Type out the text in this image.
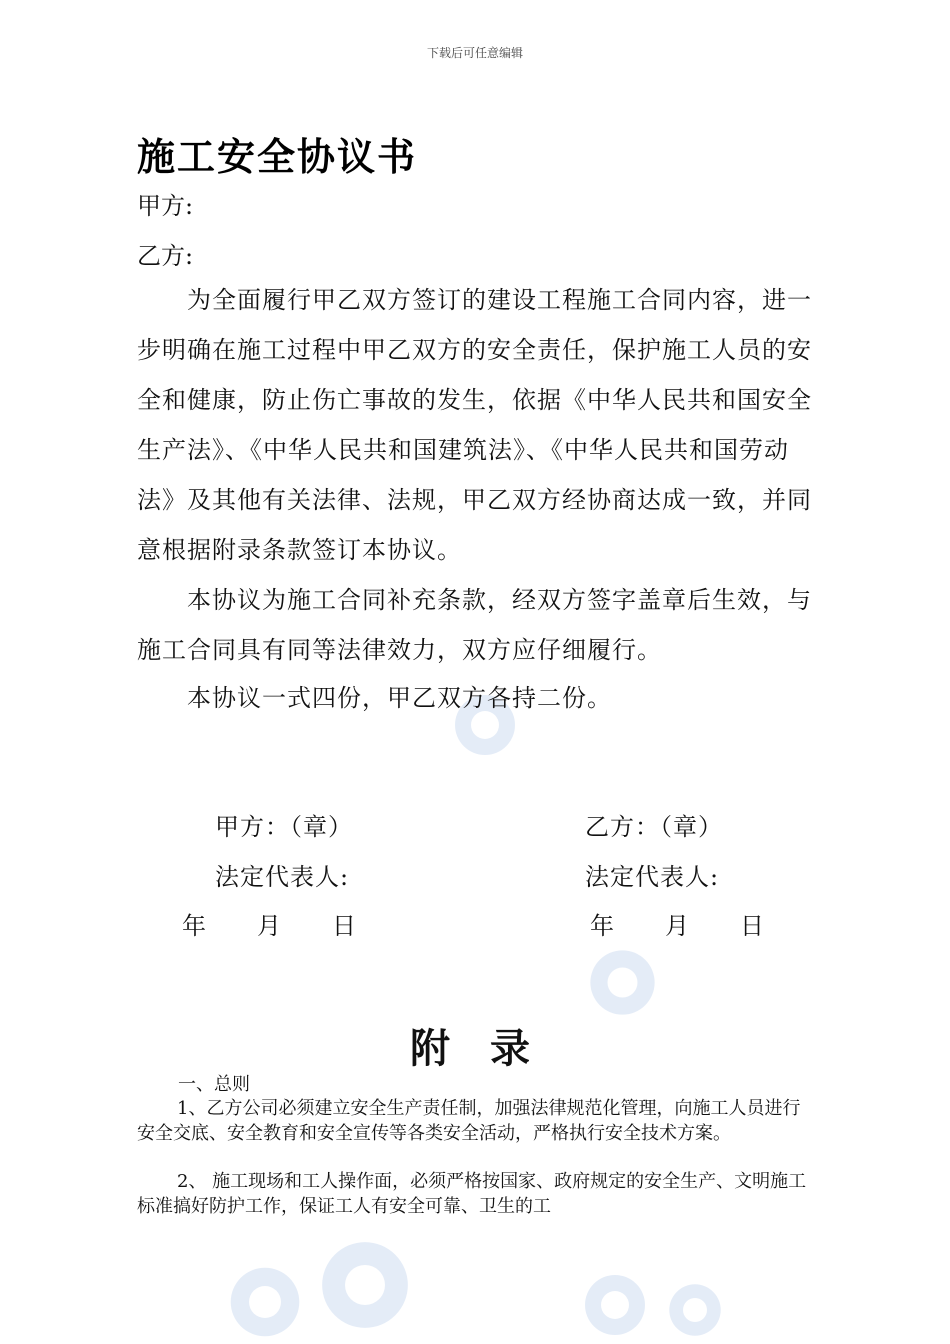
下载后可任意编辑
施工安全协议书
甲方:
乙方:
为全面履行甲乙双方签订的建设工程施工合同内容，进一步明确在施工过程中甲乙双方的安全责任，保护施工人员的安全和健康，防止伤亡事故的发生，依据《中华人民共和国安全生产法》、《中华人民共和国建筑法》、《中华人民共和国劳动法》及其他有关法律、法规，甲乙双方经协商达成一致，并同意根据附录条款签订本协议。
本协议为施工合同补充条款，经双方签字盖章后生效，与施工合同具有同等法律效力，双方应仔细履行。
本协议一式四份，甲乙双方各持二份。
甲方：（章）
法定代表人:
年　　月　　日
乙方：（章）
法定代表人:
年　　月　　日
附录
一、总则
1、乙方公司必须建立安全生产责任制，加强法律规范化管理，向施工人员进行安全交底、安全教育和安全宣传等各类安全活动，严格执行安全技术方案。
2、 施工现场和工人操作面，必须严格按国家、政府规定的安全生产、文明施工标准搞好防护工作，保证工人有安全可靠、卫生的工
